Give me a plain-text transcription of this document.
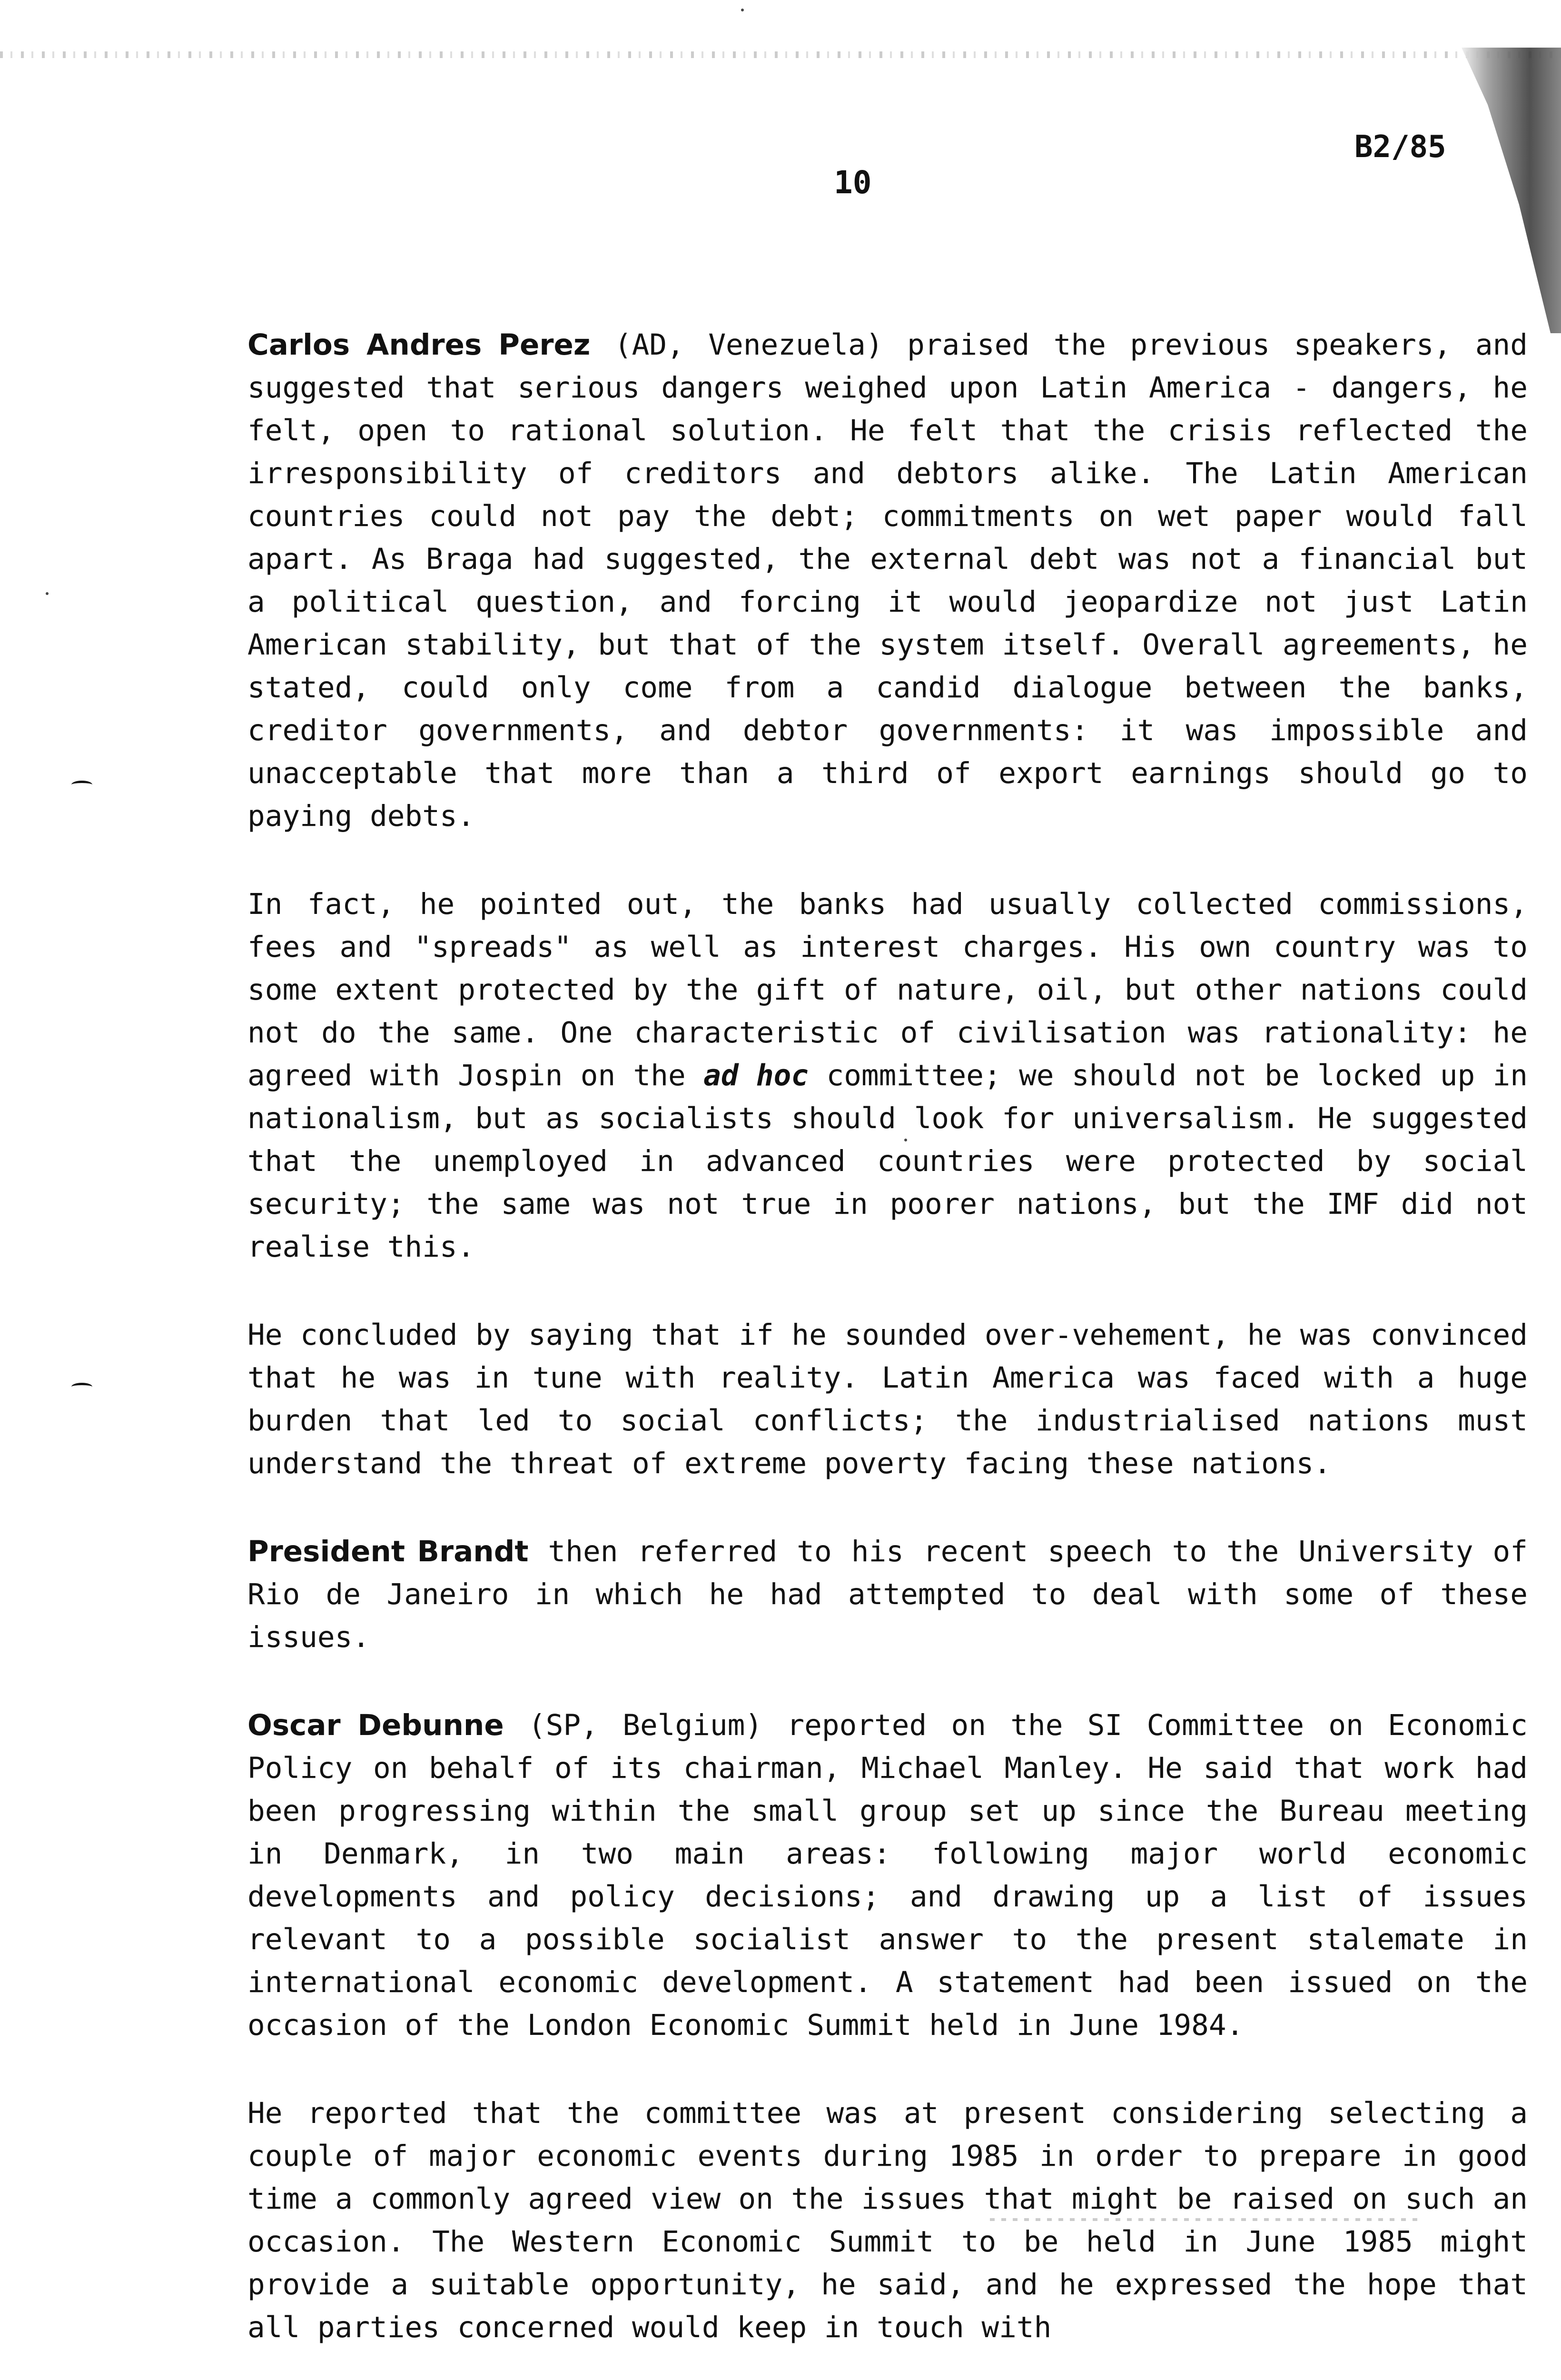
10
B2/85

Carlos Andres Perez (AD, Venezuela) praised the previous speakers, and suggested that serious dangers weighed upon Latin America - dangers, he felt, open to rational solution. He felt that the crisis reflected the irresponsibility of creditors and debtors alike. The Latin American countries could not pay the debt; commitments on wet paper would fall apart. As Braga had suggested, the external debt was not a financial but a political question, and forcing it would jeopardize not just Latin American stability, but that of the system itself. Overall agreements, he stated, could only come from a candid dialogue between the banks, creditor governments, and debtor governments: it was impossible and unacceptable that more than a third of export earnings should go to paying debts.

In fact, he pointed out, the banks had usually collected commissions, fees and "spreads" as well as interest charges. His own country was to some extent protected by the gift of nature, oil, but other nations could not do the same. One characteristic of civilisation was rationality: he agreed with Jospin on the ad hoc committee; we should not be locked up in nationalism, but as socialists should look for universalism. He suggested that the unemployed in advanced countries were protected by social security; the same was not true in poorer nations, but the IMF did not realise this.

He concluded by saying that if he sounded over-vehement, he was convinced that he was in tune with reality. Latin America was faced with a huge burden that led to social conflicts; the industrialised nations must understand the threat of extreme poverty facing these nations.

President Brandt then referred to his recent speech to the University of Rio de Janeiro in which he had attempted to deal with some of these issues.

Oscar Debunne (SP, Belgium) reported on the SI Committee on Economic Policy on behalf of its chairman, Michael Manley. He said that work had been progressing within the small group set up since the Bureau meeting in Denmark, in two main areas: following major world economic developments and policy decisions; and drawing up a list of issues relevant to a possible socialist answer to the present stalemate in international economic development. A statement had been issued on the occasion of the London Economic Summit held in June 1984.

He reported that the committee was at present considering selecting a couple of major economic events during 1985 in order to prepare in good time a commonly agreed view on the issues that might be raised on such an occasion. The Western Economic Summit to be held in June 1985 might provide a suitable opportunity, he said, and he expressed the hope that all parties concerned would keep in touch with
